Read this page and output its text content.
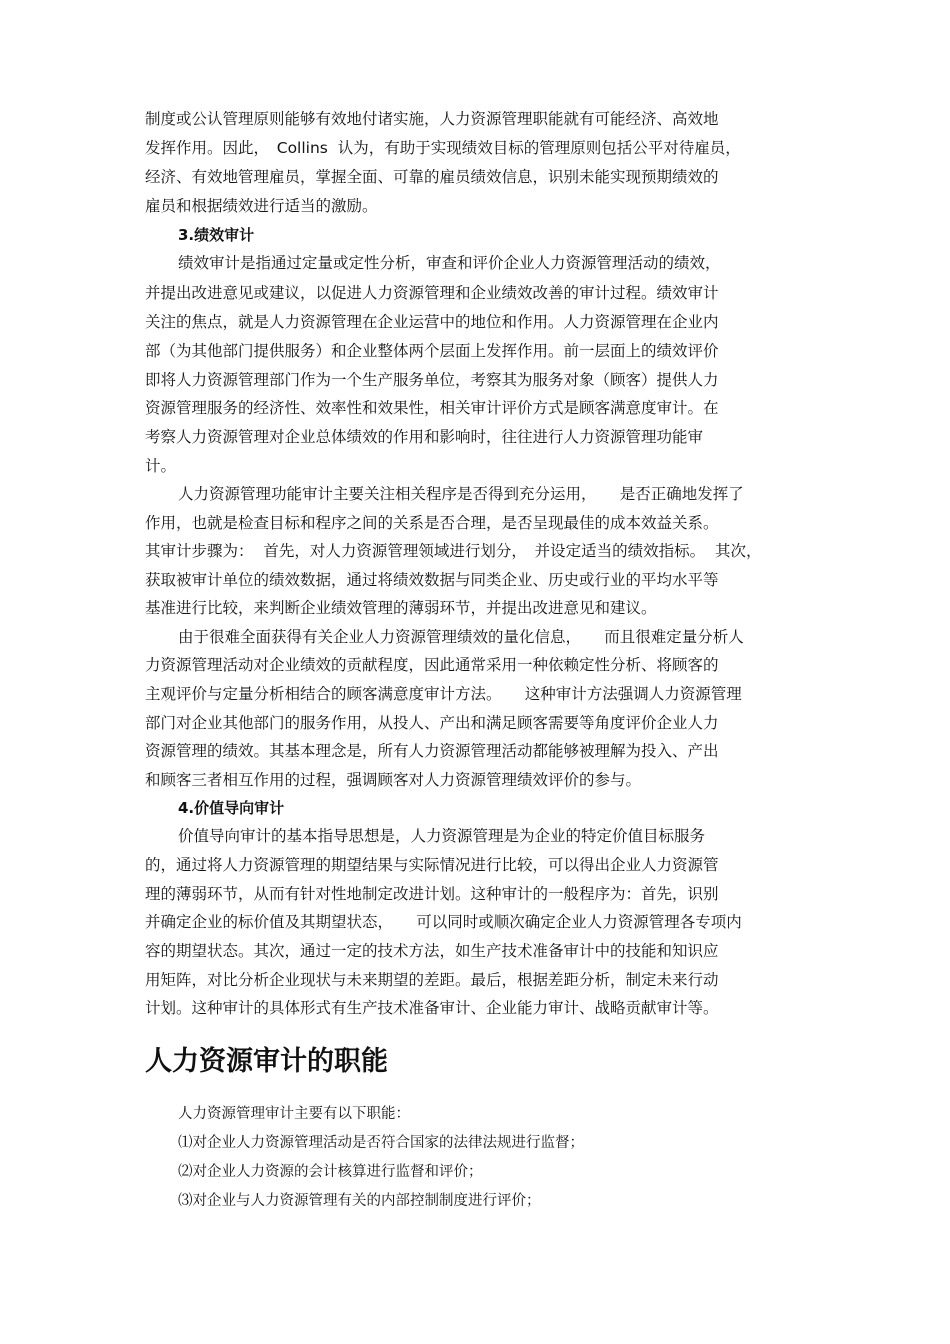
制度或公认管理原则能够有效地付诸实施，人力资源管理职能就有可能经济、高效地
发挥作用。因此，　Collins  认为，有助于实现绩效目标的管理原则包括公平对待雇员，
经济、有效地管理雇员，掌握全面、可靠的雇员绩效信息，识别未能实现预期绩效的
雇员和根据绩效进行适当的激励。
3.绩效审计
绩效审计是指通过定量或定性分析，审查和评价企业人力资源管理活动的绩效，
并提出改进意见或建议，以促进人力资源管理和企业绩效改善的审计过程。绩效审计
关注的焦点，就是人力资源管理在企业运营中的地位和作用。人力资源管理在企业内
部（为其他部门提供服务）和企业整体两个层面上发挥作用。前一层面上的绩效评价
即将人力资源管理部门作为一个生产服务单位，考察其为服务对象（顾客）提供人力
资源管理服务的经济性、效率性和效果性，相关审计评价方式是顾客满意度审计。在
考察人力资源管理对企业总体绩效的作用和影响时，往往进行人力资源管理功能审
计。
人力资源管理功能审计主要关注相关程序是否得到充分运用，　　是否正确地发挥了
作用，也就是检查目标和程序之间的关系是否合理，是否呈现最佳的成本效益关系。
其审计步骤为：  首先，对人力资源管理领域进行划分，　并设定适当的绩效指标。  其次，
获取被审计单位的绩效数据，通过将绩效数据与同类企业、历史或行业的平均水平等
基准进行比较，来判断企业绩效管理的薄弱环节，并提出改进意见和建议。
由于很难全面获得有关企业人力资源管理绩效的量化信息，　　而且很难定量分析人
力资源管理活动对企业绩效的贡献程度，因此通常采用一种依赖定性分析、将顾客的
主观评价与定量分析相结合的顾客满意度审计方法。　　这种审计方法强调人力资源管理
部门对企业其他部门的服务作用，从投人、产出和满足顾客需要等角度评价企业人力
资源管理的绩效。其基本理念是，所有人力资源管理活动都能够被理解为投入、产出
和顾客三者相互作用的过程，强调顾客对人力资源管理绩效评价的参与。
4.价值导向审计
价值导向审计的基本指导思想是，人力资源管理是为企业的特定价值目标服务
的，通过将人力资源管理的期望结果与实际情况进行比较，可以得出企业人力资源管
理的薄弱环节，从而有针对性地制定改进计划。这种审计的一般程序为：首先，识别
并确定企业的标价值及其期望状态，　　可以同时或顺次确定企业人力资源管理各专项内
容的期望状态。其次，通过一定的技术方法，如生产技术准备审计中的技能和知识应
用矩阵，对比分析企业现状与未来期望的差距。最后，根据差距分析，制定未来行动
计划。这种审计的具体形式有生产技术准备审计、企业能力审计、战略贡献审计等。
人力资源审计的职能
人力资源管理审计主要有以下职能：
⑴对企业人力资源管理活动是否符合国家的法律法规进行监督；
⑵对企业人力资源的会计核算进行监督和评价；
⑶对企业与人力资源管理有关的内部控制制度进行评价；
